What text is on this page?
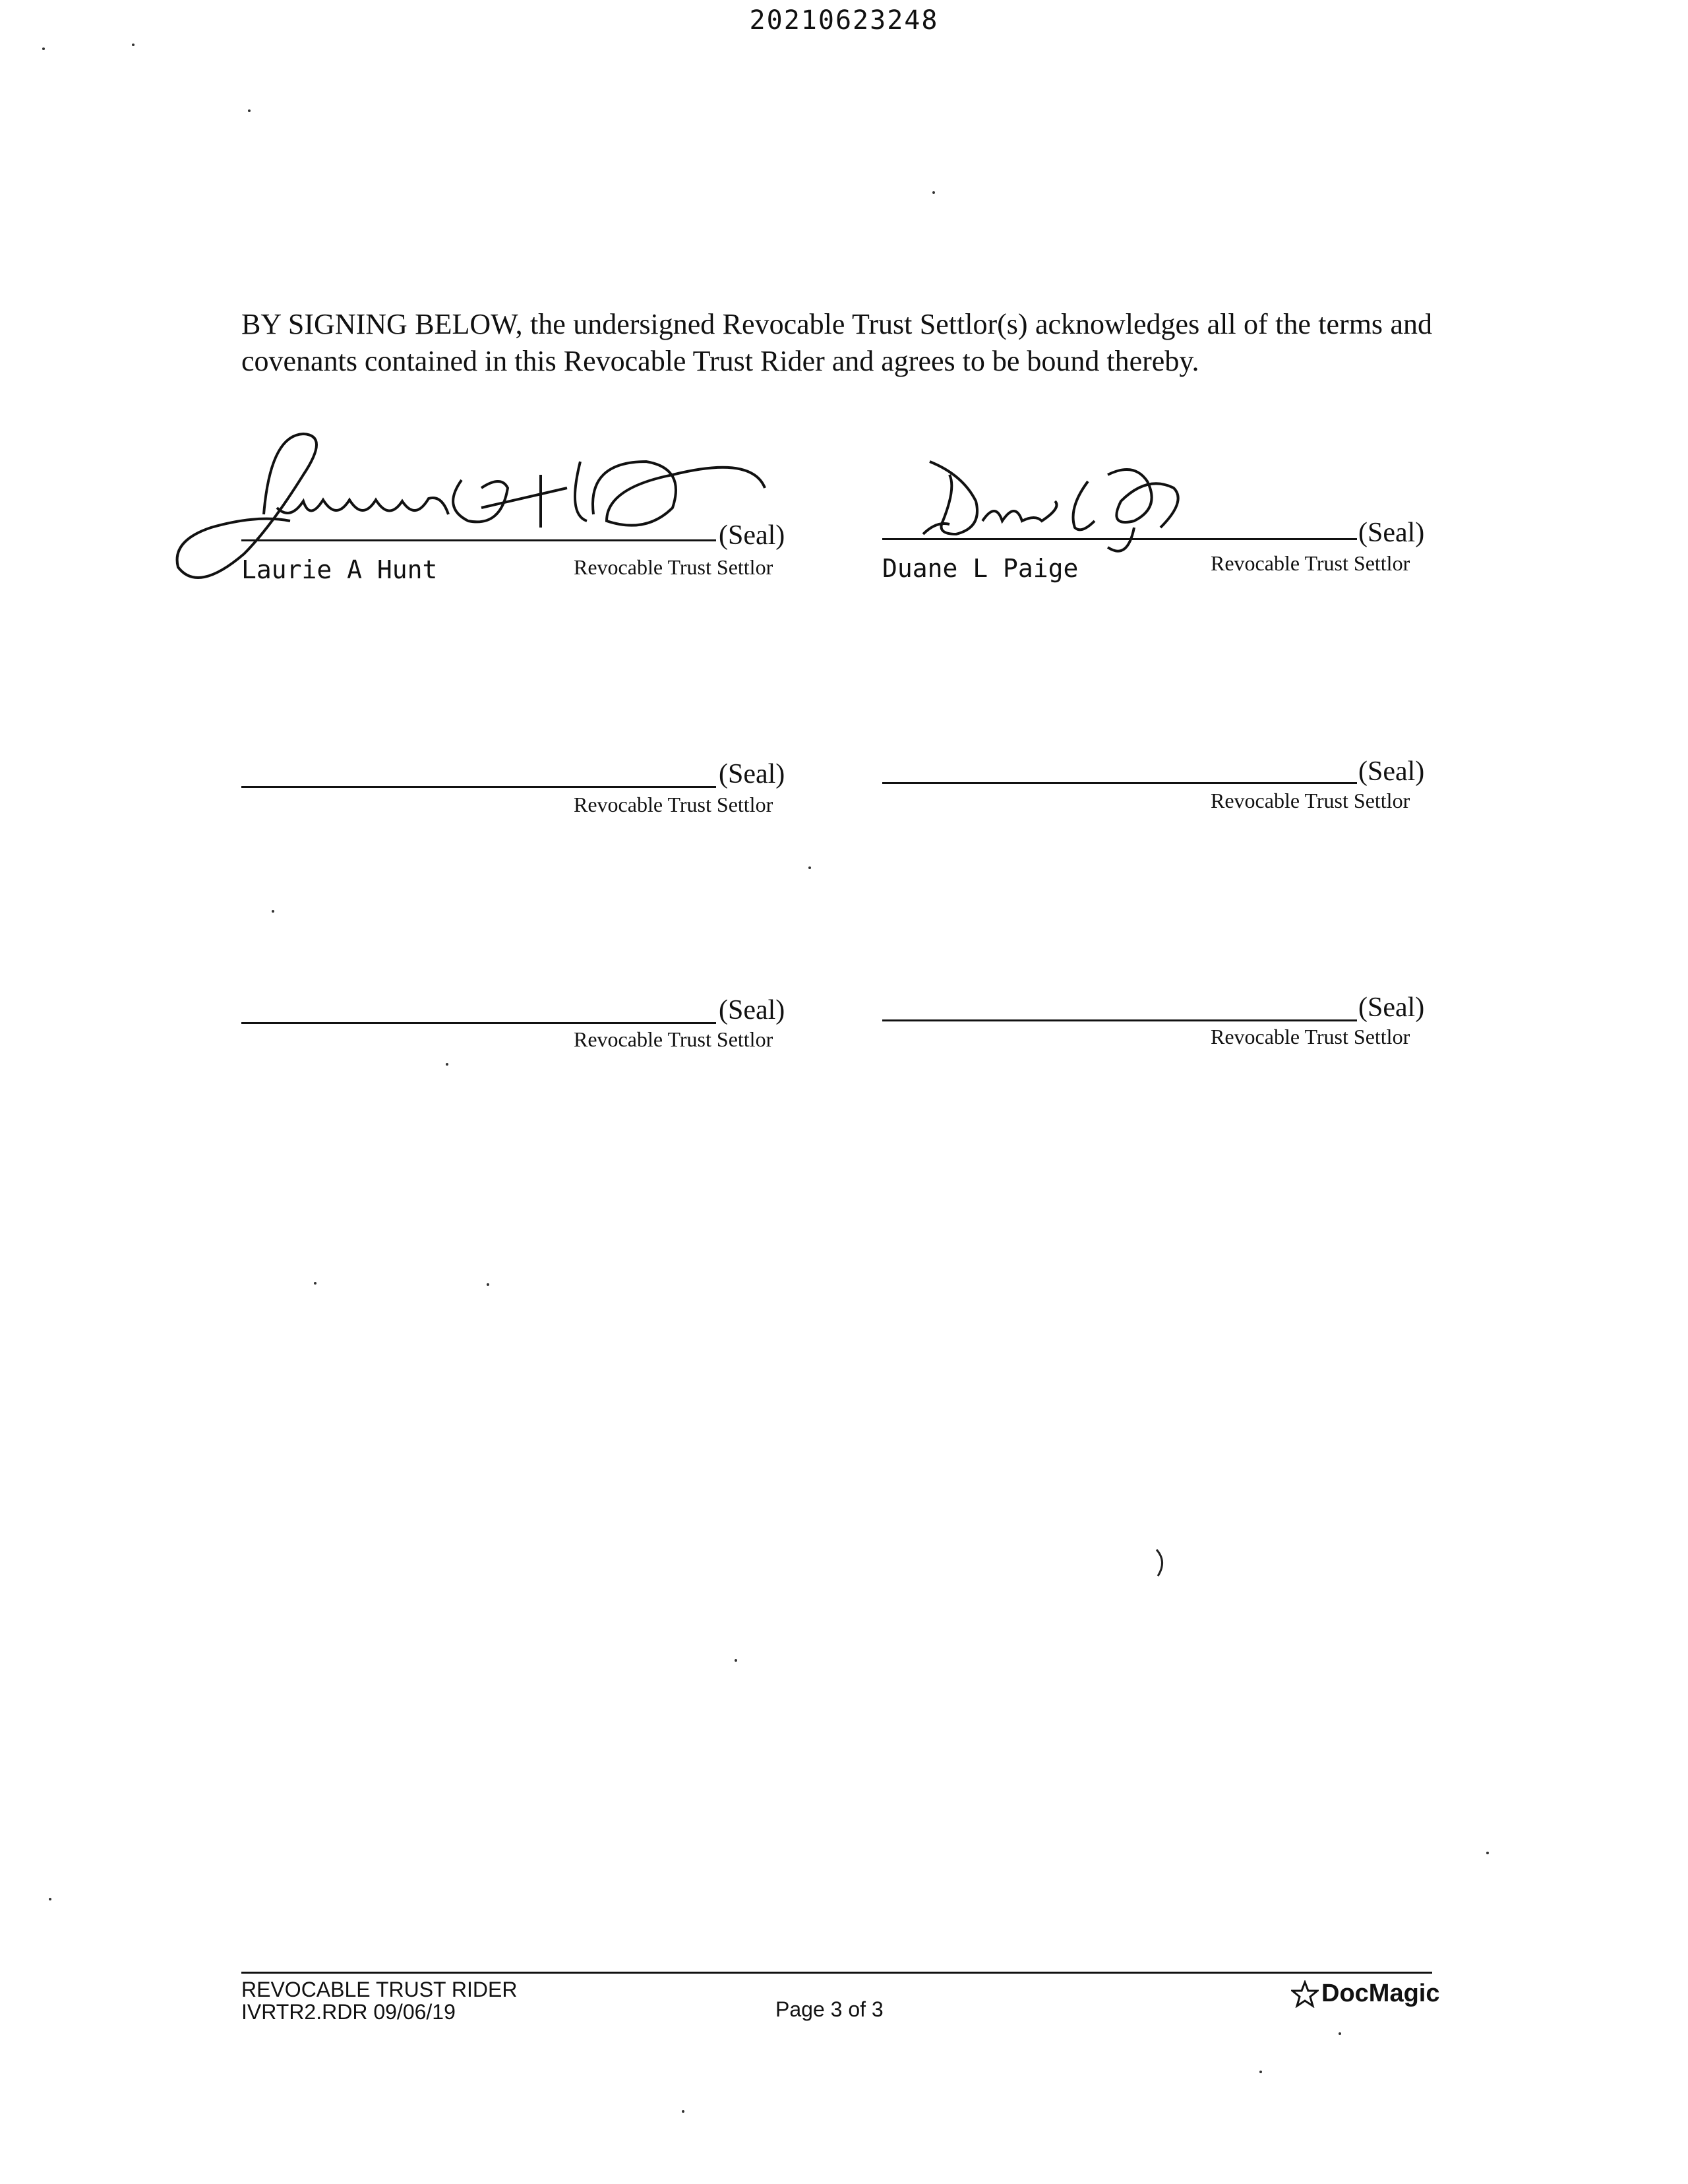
20210623248
BY SIGNING BELOW, the undersigned Revocable Trust Settlor(s) acknowledges all of the terms and covenants contained in this Revocable Trust Rider and agrees to be bound thereby.
(Seal)
Laurie A Hunt	Revocable Trust Settlor
(Seal)
Duane L Paige	Revocable Trust Settlor
(Seal)
Revocable Trust Settlor
(Seal)
Revocable Trust Settlor
(Seal)
Revocable Trust Settlor
(Seal)
Revocable Trust Settlor
REVOCABLE TRUST RIDER
IVRTR2.RDR 09/06/19	Page 3 of 3
DocMagic
